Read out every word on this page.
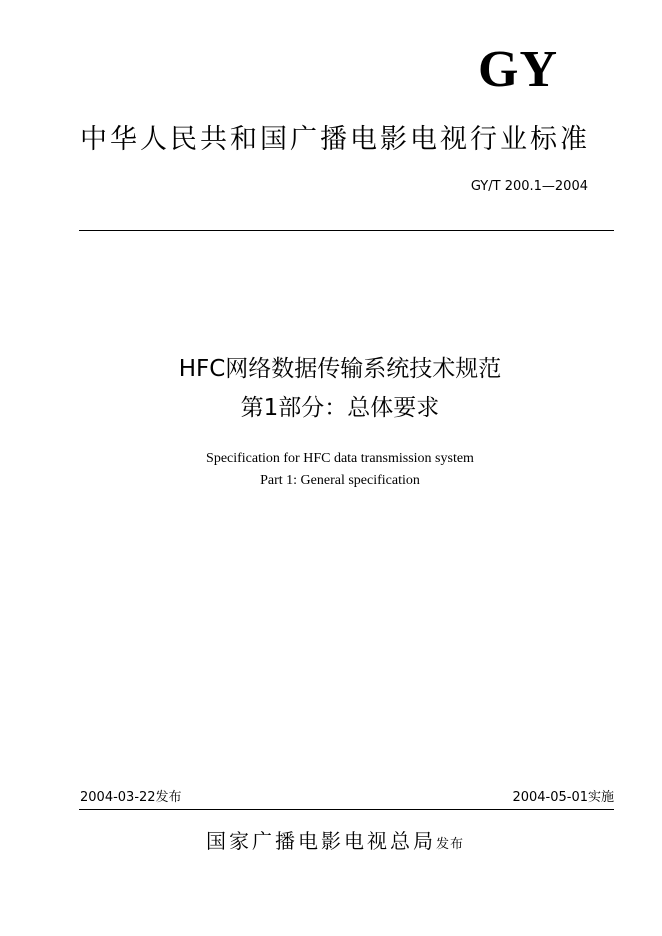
GY
中华人民共和国广播电影电视行业标准
GY/T 200.1—2004
HFC网络数据传输系统技术规范
第1部分：总体要求
Specification for HFC data transmission system
Part 1: General specification
2004-03-22发布	2004-05-01实施
国家广播电影电视总局发布
